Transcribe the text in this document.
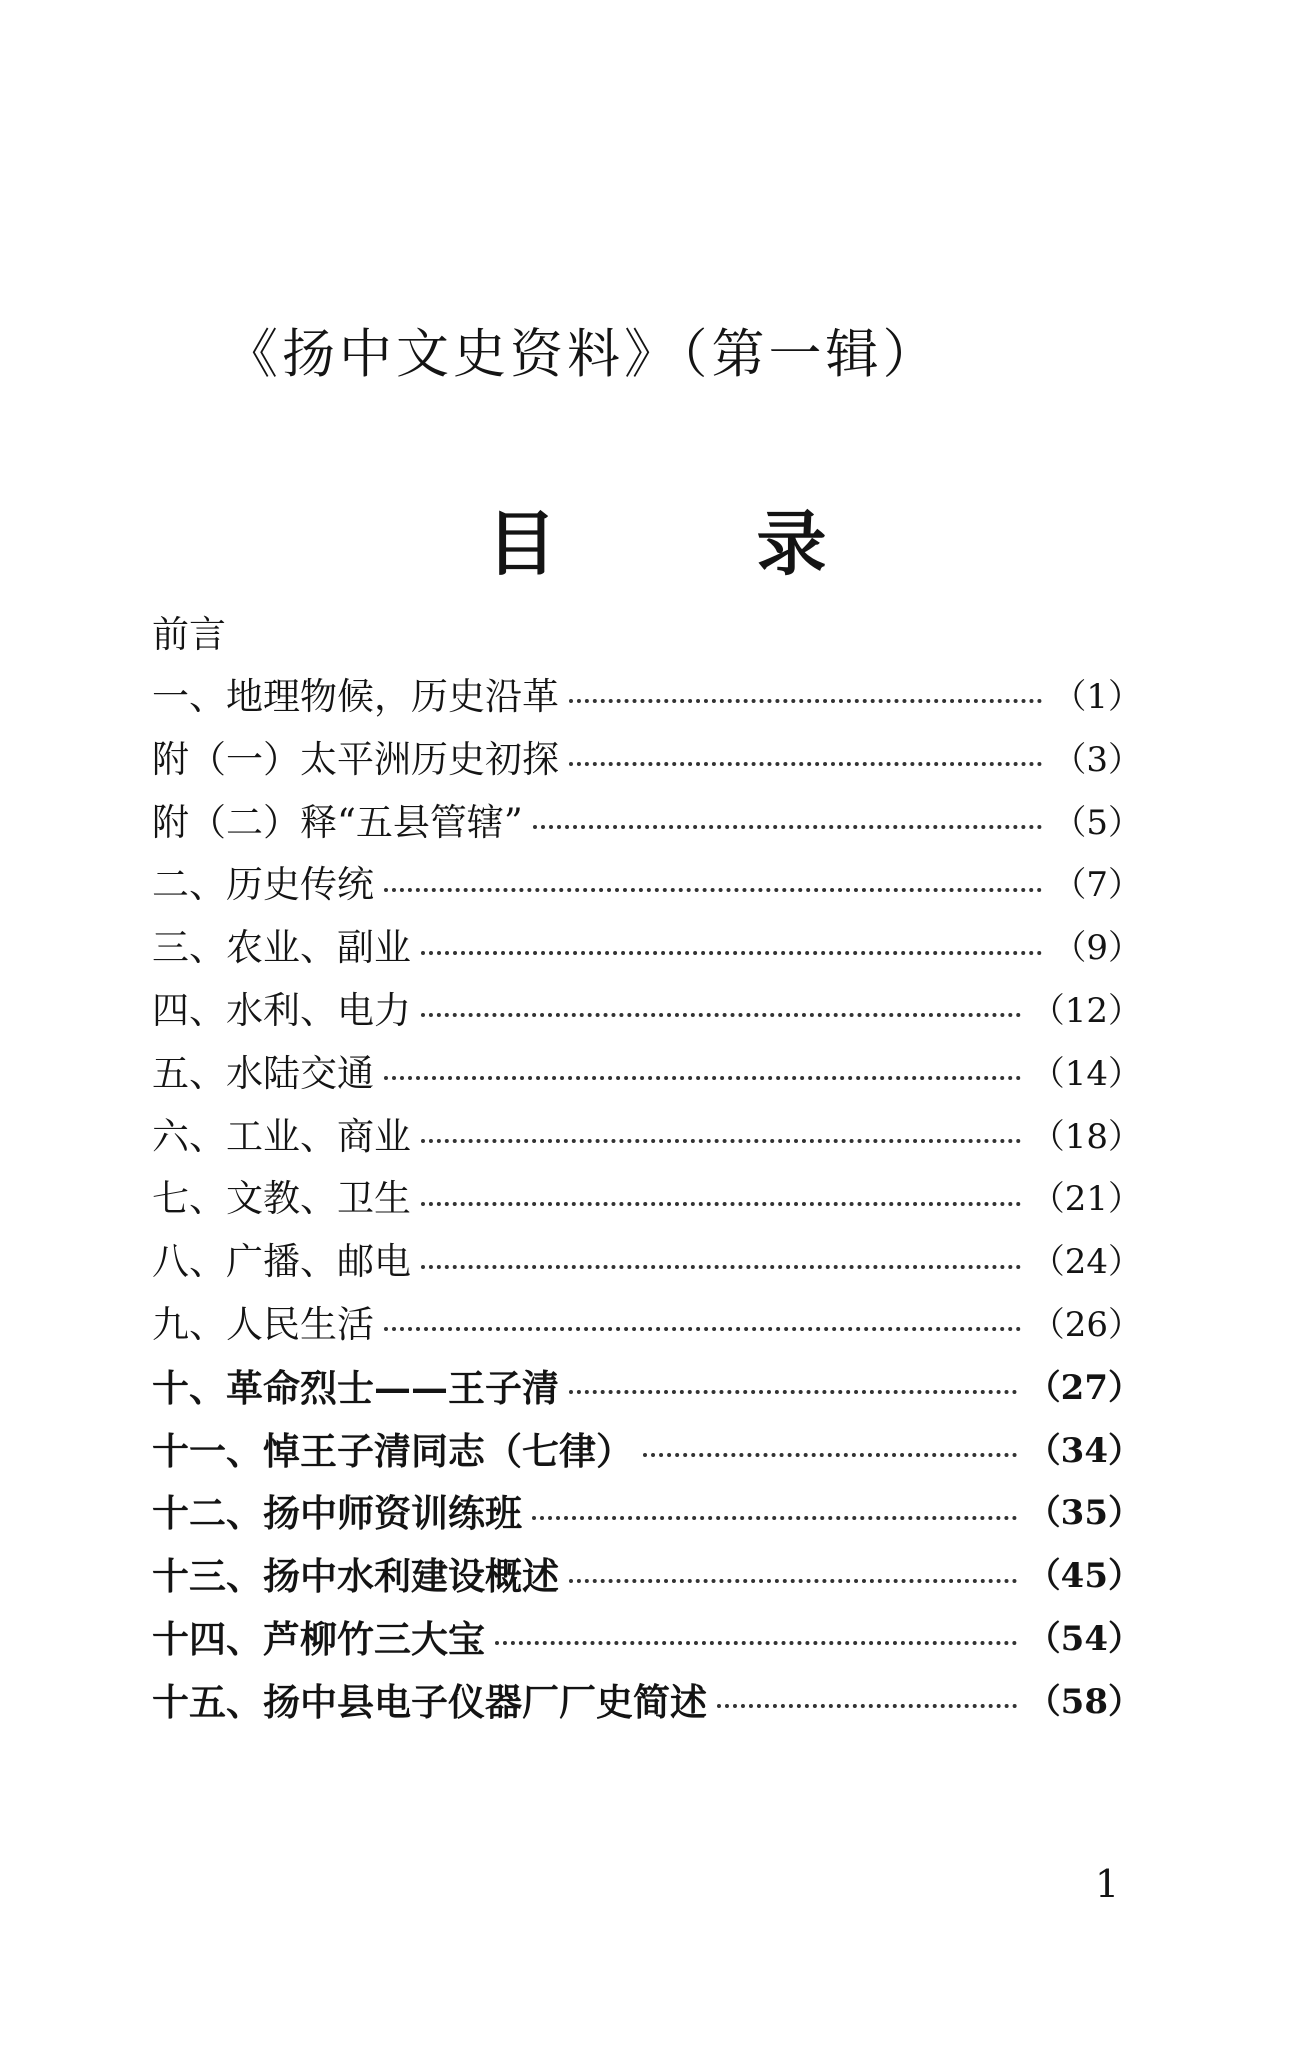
《扬中文史资料》（第一辑）
目	录
前言
一、地理物候，历史沿革	（1）
附（一）太平洲历史初探	（3）
附（二）释“五县管辖”	（5）
二、历史传统	（7）
三、农业、副业	（9）
四、水利、电力	（12）
五、水陆交通	（14）
六、工业、商业	（18）
七、文教、卫生	（21）
八、广播、邮电	（24）
九、人民生活	（26）
十、革命烈士——王子清	（27）
十一、悼王子清同志（七律）	（34）
十二、扬中师资训练班	（35）
十三、扬中水利建设概述	（45）
十四、芦柳竹三大宝	（54）
十五、扬中县电子仪器厂厂史简述	（58）
1
